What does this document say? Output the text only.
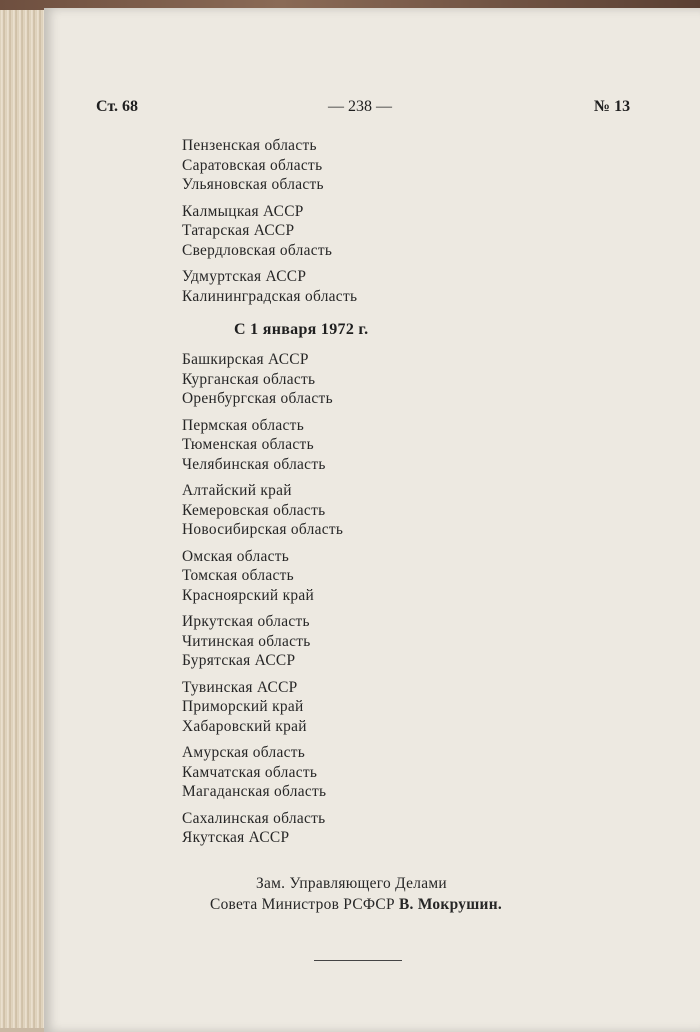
Ст. 68	— 238 —	№ 13
Пензенская область
Саратовская область
Ульяновская область
Калмыцкая АССР
Татарская АССР
Свердловская область
Удмуртская АССР
Калининградская область
С 1 января 1972 г.
Башкирская АССР
Курганская область
Оренбургская область
Пермская область
Тюменская область
Челябинская область
Алтайский край
Кемеровская область
Новосибирская область
Омская область
Томская область
Красноярский край
Иркутская область
Читинская область
Бурятская АССР
Тувинская АССР
Приморский край
Хабаровский край
Амурская область
Камчатская область
Магаданская область
Сахалинская область
Якутская АССР
Зам. Управляющего Делами
Совета Министров РСФСР В. Мокрушин.
